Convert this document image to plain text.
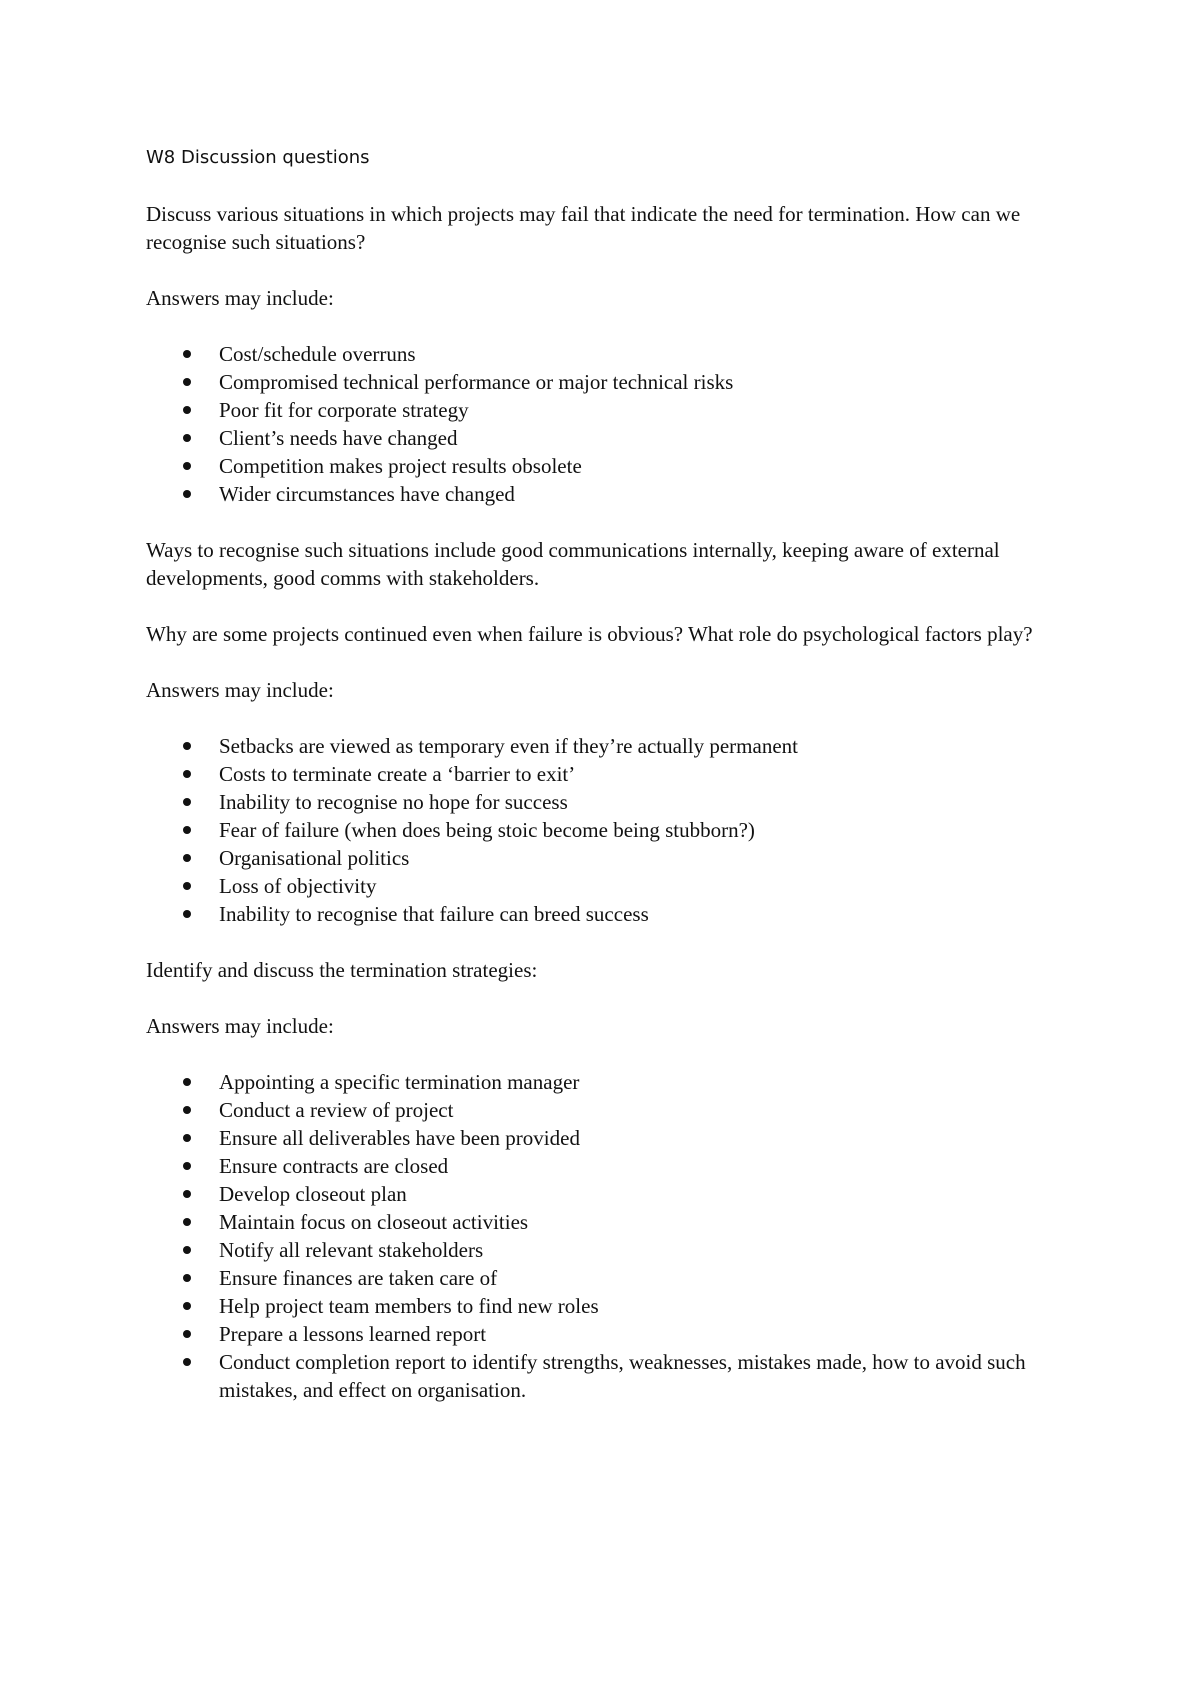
W8 Discussion questions

Discuss various situations in which projects may fail that indicate the need for termination. How can we recognise such situations?

Answers may include:

Cost/schedule overruns
Compromised technical performance or major technical risks
Poor fit for corporate strategy
Client’s needs have changed
Competition makes project results obsolete
Wider circumstances have changed

Ways to recognise such situations include good communications internally, keeping aware of external developments, good comms with stakeholders.

Why are some projects continued even when failure is obvious? What role do psychological factors play?

Answers may include:

Setbacks are viewed as temporary even if they’re actually permanent
Costs to terminate create a ‘barrier to exit’
Inability to recognise no hope for success
Fear of failure (when does being stoic become being stubborn?)
Organisational politics
Loss of objectivity
Inability to recognise that failure can breed success

Identify and discuss the termination strategies:

Answers may include:

Appointing a specific termination manager
Conduct a review of project
Ensure all deliverables have been provided
Ensure contracts are closed
Develop closeout plan
Maintain focus on closeout activities
Notify all relevant stakeholders
Ensure finances are taken care of
Help project team members to find new roles
Prepare a lessons learned report
Conduct completion report to identify strengths, weaknesses, mistakes made, how to avoid such mistakes, and effect on organisation.
